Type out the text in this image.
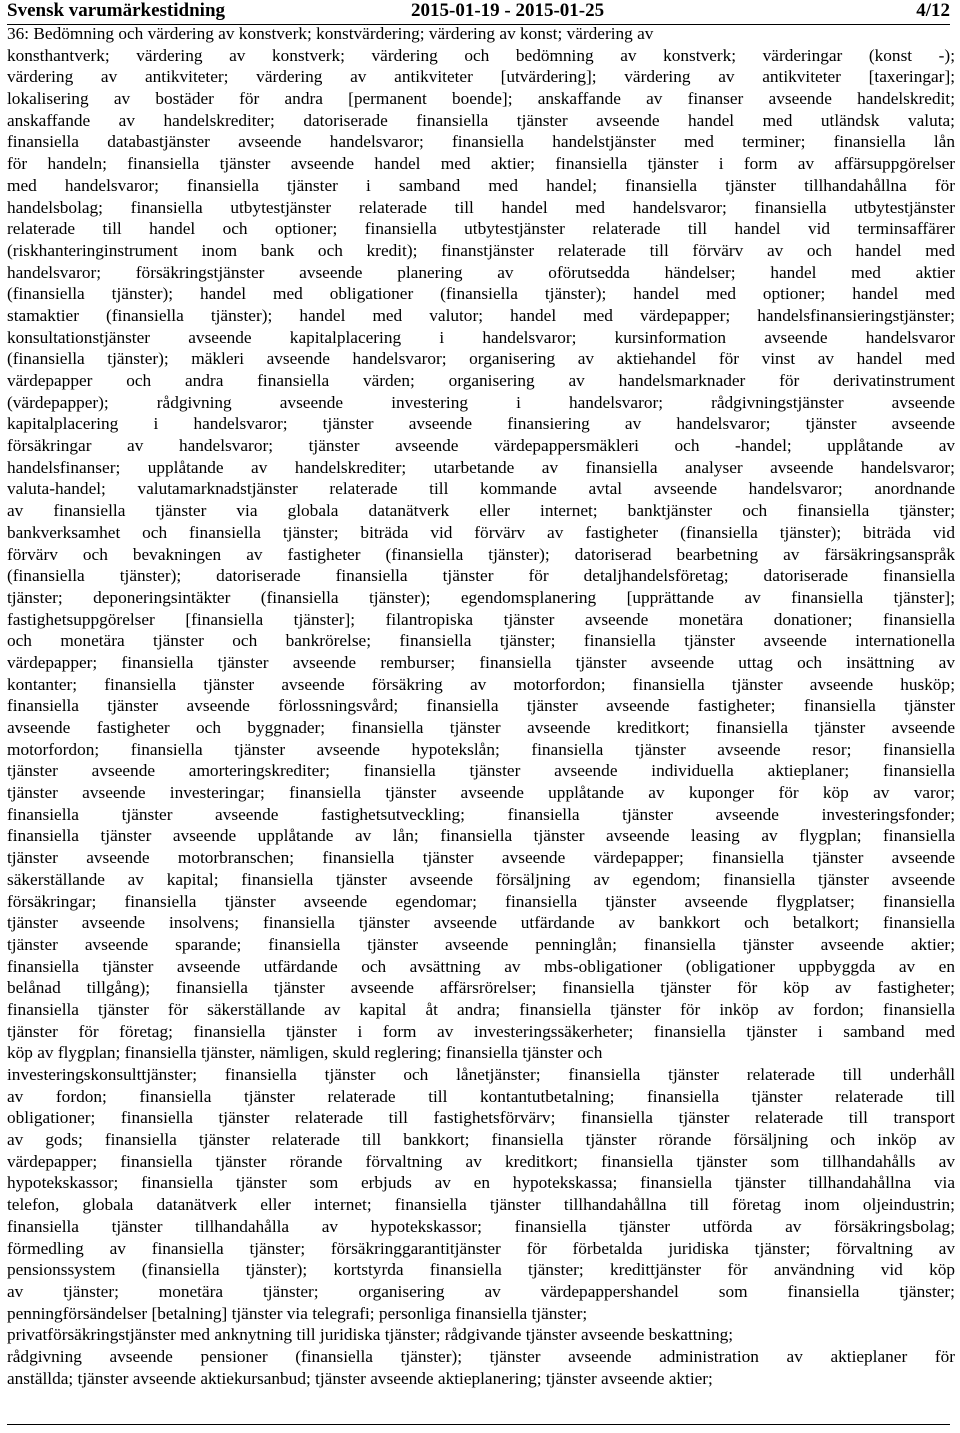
Svensk varumärkestidning	2015-01-19 - 2015-01-25	4/12
36: Bedömning och värdering av konstverk; konstvärdering; värdering av konst; värdering av
konsthantverk; värdering av konstverk; värdering och bedömning av konstverk; värderingar (konst -);
värdering av antikviteter; värdering av antikviteter [utvärdering]; värdering av antikviteter [taxeringar];
lokalisering av bostäder för andra [permanent boende]; anskaffande av finanser avseende handelskredit;
anskaffande av handelskrediter; datoriserade finansiella tjänster avseende handel med utländsk valuta;
finansiella databastjänster avseende handelsvaror; finansiella handelstjänster med terminer; finansiella lån
för handeln; finansiella tjänster avseende handel med aktier; finansiella tjänster i form av affärsuppgörelser
med handelsvaror; finansiella tjänster i samband med handel; finansiella tjänster tillhandahållna för
handelsbolag; finansiella utbytestjänster relaterade till handel med handelsvaror; finansiella utbytestjänster
relaterade till handel och optioner; finansiella utbytestjänster relaterade till handel vid terminsaffärer
(riskhanteringinstrument inom bank och kredit); finanstjänster relaterade till förvärv av och handel med
handelsvaror; försäkringstjänster avseende planering av oförutsedda händelser; handel med aktier
(finansiella tjänster); handel med obligationer (finansiella tjänster); handel med optioner; handel med
stamaktier (finansiella tjänster); handel med valutor; handel med värdepapper; handelsfinansieringstjänster;
konsultationstjänster avseende kapitalplacering i handelsvaror; kursinformation avseende handelsvaror
(finansiella tjänster); mäkleri avseende handelsvaror; organisering av aktiehandel för vinst av handel med
värdepapper och andra finansiella värden; organisering av handelsmarknader för derivatinstrument
(värdepapper); rådgivning avseende investering i handelsvaror; rådgivningstjänster avseende
kapitalplacering i handelsvaror; tjänster avseende finansiering av handelsvaror; tjänster avseende
försäkringar av handelsvaror; tjänster avseende värdepappersmäkleri och -handel; upplåtande av
handelsfinanser; upplåtande av handelskrediter; utarbetande av finansiella analyser avseende handelsvaror;
valuta-handel; valutamarknadstjänster relaterade till kommande avtal avseende handelsvaror; anordnande
av finansiella tjänster via globala datanätverk eller internet; banktjänster och finansiella tjänster;
bankverksamhet och finansiella tjänster; biträda vid förvärv av fastigheter (finansiella tjänster); biträda vid
förvärv och bevakningen av fastigheter (finansiella tjänster); datoriserad bearbetning av färsäkringsanspråk
(finansiella tjänster); datoriserade finansiella tjänster för detaljhandelsföretag; datoriserade finansiella
tjänster; deponeringsintäkter (finansiella tjänster); egendomsplanering [upprättande av finansiella tjänster];
fastighetsuppgörelser [finansiella tjänster]; filantropiska tjänster avseende monetära donationer; finansiella
och monetära tjänster och bankrörelse; finansiella tjänster; finansiella tjänster avseende internationella
värdepapper; finansiella tjänster avseende remburser; finansiella tjänster avseende uttag och insättning av
kontanter; finansiella tjänster avseende försäkring av motorfordon; finansiella tjänster avseende husköp;
finansiella tjänster avseende förlossningsvård; finansiella tjänster avseende fastigheter; finansiella tjänster
avseende fastigheter och byggnader; finansiella tjänster avseende kreditkort; finansiella tjänster avseende
motorfordon; finansiella tjänster avseende hypotekslån; finansiella tjänster avseende resor; finansiella
tjänster avseende amorteringskrediter; finansiella tjänster avseende individuella aktieplaner; finansiella
tjänster avseende investeringar; finansiella tjänster avseende upplåtande av kuponger för köp av varor;
finansiella tjänster avseende fastighetsutveckling; finansiella tjänster avseende investeringsfonder;
finansiella tjänster avseende upplåtande av lån; finansiella tjänster avseende leasing av flygplan; finansiella
tjänster avseende motorbranschen; finansiella tjänster avseende värdepapper; finansiella tjänster avseende
säkerställande av kapital; finansiella tjänster avseende försäljning av egendom; finansiella tjänster avseende
försäkringar; finansiella tjänster avseende egendomar; finansiella tjänster avseende flygplatser; finansiella
tjänster avseende insolvens; finansiella tjänster avseende utfärdande av bankkort och betalkort; finansiella
tjänster avseende sparande; finansiella tjänster avseende penninglån; finansiella tjänster avseende aktier;
finansiella tjänster avseende utfärdande och avsättning av mbs-obligationer (obligationer uppbyggda av en
belånad tillgång); finansiella tjänster avseende affärsrörelser; finansiella tjänster för köp av fastigheter;
finansiella tjänster för säkerställande av kapital åt andra; finansiella tjänster för inköp av fordon; finansiella
tjänster för företag; finansiella tjänster i form av investeringssäkerheter; finansiella tjänster i samband med
köp av flygplan; finansiella tjänster, nämligen, skuld reglering; finansiella tjänster och
investeringskonsulttjänster; finansiella tjänster och lånetjänster; finansiella tjänster relaterade till underhåll
av fordon; finansiella tjänster relaterade till kontantutbetalning; finansiella tjänster relaterade till
obligationer; finansiella tjänster relaterade till fastighetsförvärv; finansiella tjänster relaterade till transport
av gods; finansiella tjänster relaterade till bankkort; finansiella tjänster rörande försäljning och inköp av
värdepapper; finansiella tjänster rörande förvaltning av kreditkort; finansiella tjänster som tillhandahålls av
hypotekskassor; finansiella tjänster som erbjuds av en hypotekskassa; finansiella tjänster tillhandahållna via
telefon, globala datanätverk eller internet; finansiella tjänster tillhandahållna till företag inom oljeindustrin;
finansiella tjänster tillhandahålla av hypotekskassor; finansiella tjänster utförda av försäkringsbolag;
förmedling av finansiella tjänster; försäkringgarantitjänster för förbetalda juridiska tjänster; förvaltning av
pensionssystem (finansiella tjänster); kortstyrda finansiella tjänster; kredittjänster för användning vid köp
av tjänster; monetära tjänster; organisering av värdepappershandel som finansiella tjänster;
penningförsändelser [betalning] tjänster via telegrafi; personliga finansiella tjänster;
privatförsäkringstjänster med anknytning till juridiska tjänster; rådgivande tjänster avseende beskattning;
rådgivning avseende pensioner (finansiella tjänster); tjänster avseende administration av aktieplaner för
anställda; tjänster avseende aktiekursanbud; tjänster avseende aktieplanering; tjänster avseende aktier;
